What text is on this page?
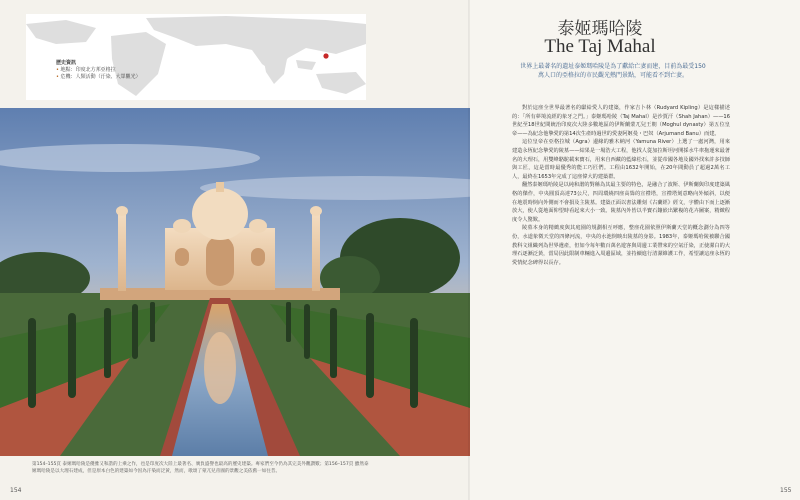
歷史資訊
• 地點：印度北方邦亞格拉
• 危機：人類活動（汙染、大眾觀光）
第154–155頁 泰姬瑪哈陵是優雅又和諧的上乘之作，也是印度次大陸上最著名、廣負盛譽也最高的歷史建築。專家們至今仍為其完美外觀讚歎；第156–157頁 雖然泰姬瑪哈陵是以大理石建成，但是原本白色的建築如今因為汙染而泛黃，然而，歌頌了蒙兀兒帝國的景觀之美依舊一如往昔。
154
泰姬瑪哈陵
The Taj Mahal
世界上最著名的遺址泰姬瑪哈陵是為了獻給亡妻而建，目前為最受150萬人口的亞格拉的市民觀光熱門景點，可能看不到亡妻。

對於這座全世界最著名的獻給愛人的建築，作家吉卜林（Rudyard Kipling）是這樣描述的：「所有夢境流經的象牙之門。」泰姬瑪哈陵（Taj Mahal）是沙賈汗（Shah Jahan）——16世紀至18世紀間統治印度次大陸多數地區的伊斯蘭蒙兀兒王朝（Moghul dynasty）第五位皇帝——為紀念他摯愛的第14次生產時過世的愛妻阿姬曼・巴奴（Arjumand Banu）而建。

這位皇帝在亞格拉城（Agra）邊緣的雅木納河（Yamuna River）上選了一處河灣，用來建造永恆紀念摯愛的陵墓——結果是一場浩大工程，他找人從加拉斯坦河開採水牛車拖運來最著名的大理石，用雙峰駱駝載來寶石，用來自西藏的藍綠松石，並從帝國各地及國外找來許多技師與工匠，這是當時最優秀的能工巧匠們。工程由1632年開始，在20年間動員了超過2萬名工人，最終在1653年完成了這座偉大的建築群。

翻然泰姬瑪哈陵是以純和諧的對稱為其最主要的特色，是融合了波斯、伊斯蘭與印度建築風格的傑作，中央圓頂高達73公尺，四周環繞四座高聳的宣禮塔，宣禮塔刻意略向外傾斜，以便在地震時倒向外側而不會損及主陵墓。建築正面以書法雕刻《古蘭經》經文，字體由下而上逐漸放大，使人從地面仰望時看起來大小一致。陵墓內外皆以半寶石鑲嵌出繁複的花卉圖案，精緻程度令人驚歎。

陵墓本身的精緻度與其庭園的規劃相互呼應，整座花園依照伊斯蘭天堂的概念劃分為四等份，水道象徵天堂的四條河流，中央的水池倒映出陵墓的身影。1983年，泰姬瑪哈陵被聯合國教科文組織列為世界遺產，但如今每年數百萬名遊客與周邊工業帶來的空氣汙染，正使潔白的大理石逐漸泛黃，當局因此限制車輛進入周邊區域，並持續進行清潔維護工作，希望讓這座永恆的愛情紀念碑得以長存。

155
